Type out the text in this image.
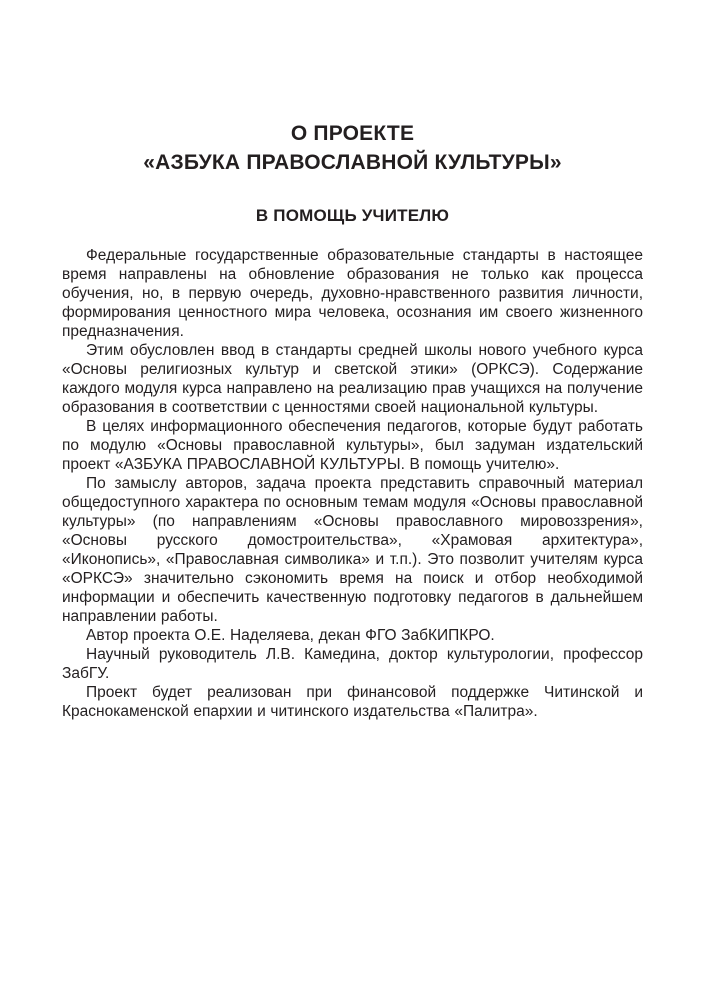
О ПРОЕКТЕ
«АЗБУКА ПРАВОСЛАВНОЙ КУЛЬТУРЫ»
В ПОМОЩЬ УЧИТЕЛЮ

Федеральные государственные образовательные стандарты в настоящее время направлены на обновление образования не только как процесса обучения, но, в первую очередь, духовно-нравственного развития личности, формирования ценностного мира человека, осознания им своего жизненного предназначения.

Этим обусловлен ввод в стандарты средней школы нового учебного курса «Основы религиозных культур и светской этики» (ОРКСЭ). Содержание каждого модуля курса направлено на реализацию прав учащихся на получение образования в соответствии с ценностями своей национальной культуры.

В целях информационного обеспечения педагогов, которые будут работать по модулю «Основы православной культуры», был задуман издательский проект «АЗБУКА ПРАВОСЛАВНОЙ КУЛЬТУРЫ. В помощь учителю».

По замыслу авторов, задача проекта представить справочный материал общедоступного характера по основным темам модуля «Основы православной культуры» (по направлениям «Основы православного мировоззрения», «Основы русского домостроительства», «Храмовая архитектура», «Иконопись», «Православная символика» и т.п.). Это позволит учителям курса «ОРКСЭ» значительно сэкономить время на поиск и отбор необходимой информации и обеспечить качественную подготовку педагогов в дальнейшем направлении работы.

Автор проекта О.Е. Наделяева, декан ФГО ЗабКИПКРО.

Научный руководитель Л.В. Камедина, доктор культурологии, профессор ЗабГУ.

Проект будет реализован при финансовой поддержке Читинской и Краснокаменской епархии и читинского издательства «Палитра».
